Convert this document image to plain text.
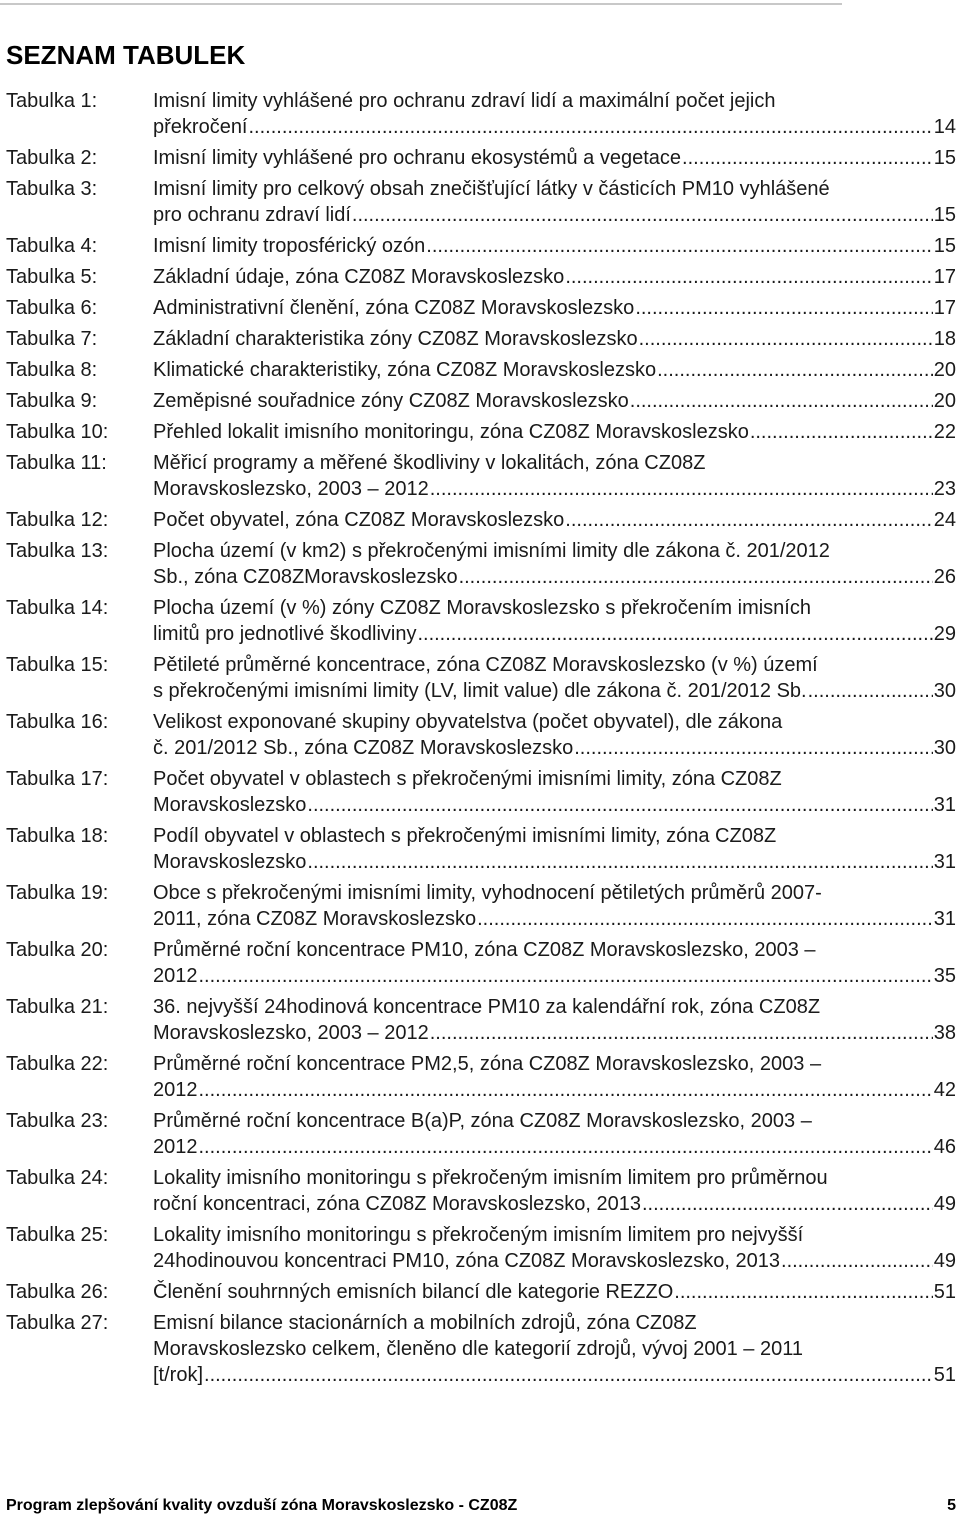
SEZNAM TABULEK
Tabulka 1:	Imisní limity vyhlášené pro ochranu zdraví lidí a maximální počet jejich
překročení .....	14
Tabulka 2:	Imisní limity vyhlášené pro ochranu ekosystémů a vegetace .....	15
Tabulka 3:	Imisní limity pro celkový obsah znečišťující látky v částicích PM10 vyhlášené
pro ochranu zdraví lidí .....	15
Tabulka 4:	Imisní limity troposférický ozón .....	15
Tabulka 5:	Základní údaje, zóna CZ08Z Moravskoslezsko .....	17
Tabulka 6:	Administrativní členění, zóna CZ08Z Moravskoslezsko .....	17
Tabulka 7:	Základní charakteristika zóny CZ08Z Moravskoslezsko .....	18
Tabulka 8:	Klimatické charakteristiky, zóna CZ08Z Moravskoslezsko .....	20
Tabulka 9:	Zeměpisné souřadnice zóny CZ08Z Moravskoslezsko .....	20
Tabulka 10:	Přehled lokalit imisního monitoringu, zóna CZ08Z Moravskoslezsko .....	22
Tabulka 11:	Měřicí programy a měřené škodliviny v lokalitách, zóna CZ08Z
Moravskoslezsko, 2003 – 2012 .....	23
Tabulka 12:	Počet obyvatel, zóna CZ08Z Moravskoslezsko .....	24
Tabulka 13:	Plocha území (v km2) s překročenými imisními limity dle zákona č. 201/2012
Sb., zóna CZ08ZMoravskoslezsko .....	26
Tabulka 14:	Plocha území (v %) zóny CZ08Z Moravskoslezsko s překročením imisních
limitů pro jednotlivé škodliviny .....	29
Tabulka 15:	Pětileté průměrné koncentrace, zóna CZ08Z Moravskoslezsko (v %) území
s překročenými imisními limity (LV, limit value) dle zákona č. 201/2012 Sb. .....	30
Tabulka 16:	Velikost exponované skupiny obyvatelstva (počet obyvatel), dle zákona
č. 201/2012 Sb., zóna CZ08Z Moravskoslezsko .....	30
Tabulka 17:	Počet obyvatel v oblastech s překročenými imisními limity, zóna CZ08Z
Moravskoslezsko .....	31
Tabulka 18:	Podíl obyvatel v oblastech s překročenými imisními limity, zóna CZ08Z
Moravskoslezsko .....	31
Tabulka 19:	Obce s překročenými imisními limity, vyhodnocení pětiletých průměrů 2007-
2011, zóna CZ08Z Moravskoslezsko .....	31
Tabulka 20:	Průměrné roční koncentrace PM10, zóna CZ08Z Moravskoslezsko, 2003 –
2012 .....	35
Tabulka 21:	36. nejvyšší 24hodinová koncentrace PM10 za kalendářní rok, zóna CZ08Z
Moravskoslezsko, 2003 – 2012 .....	38
Tabulka 22:	Průměrné roční koncentrace PM2,5, zóna CZ08Z Moravskoslezsko, 2003 –
2012 .....	42
Tabulka 23:	Průměrné roční koncentrace B(a)P, zóna CZ08Z Moravskoslezsko, 2003 –
2012 .....	46
Tabulka 24:	Lokality imisního monitoringu s překročeným imisním limitem pro průměrnou
roční koncentraci, zóna CZ08Z Moravskoslezsko, 2013 .....	49
Tabulka 25:	Lokality imisního monitoringu s překročeným imisním limitem pro nejvyšší
24hodinouvou koncentraci PM10, zóna CZ08Z Moravskoslezsko, 2013 .....	49
Tabulka 26:	Členění souhrnných emisních bilancí dle kategorie REZZO .....	51
Tabulka 27:	Emisní bilance stacionárních a mobilních zdrojů, zóna CZ08Z
Moravskoslezsko celkem, členěno dle kategorií zdrojů, vývoj 2001 – 2011
[t/rok] .....	51
Program zlepšování kvality ovzduší zóna Moravskoslezsko - CZ08Z	5
